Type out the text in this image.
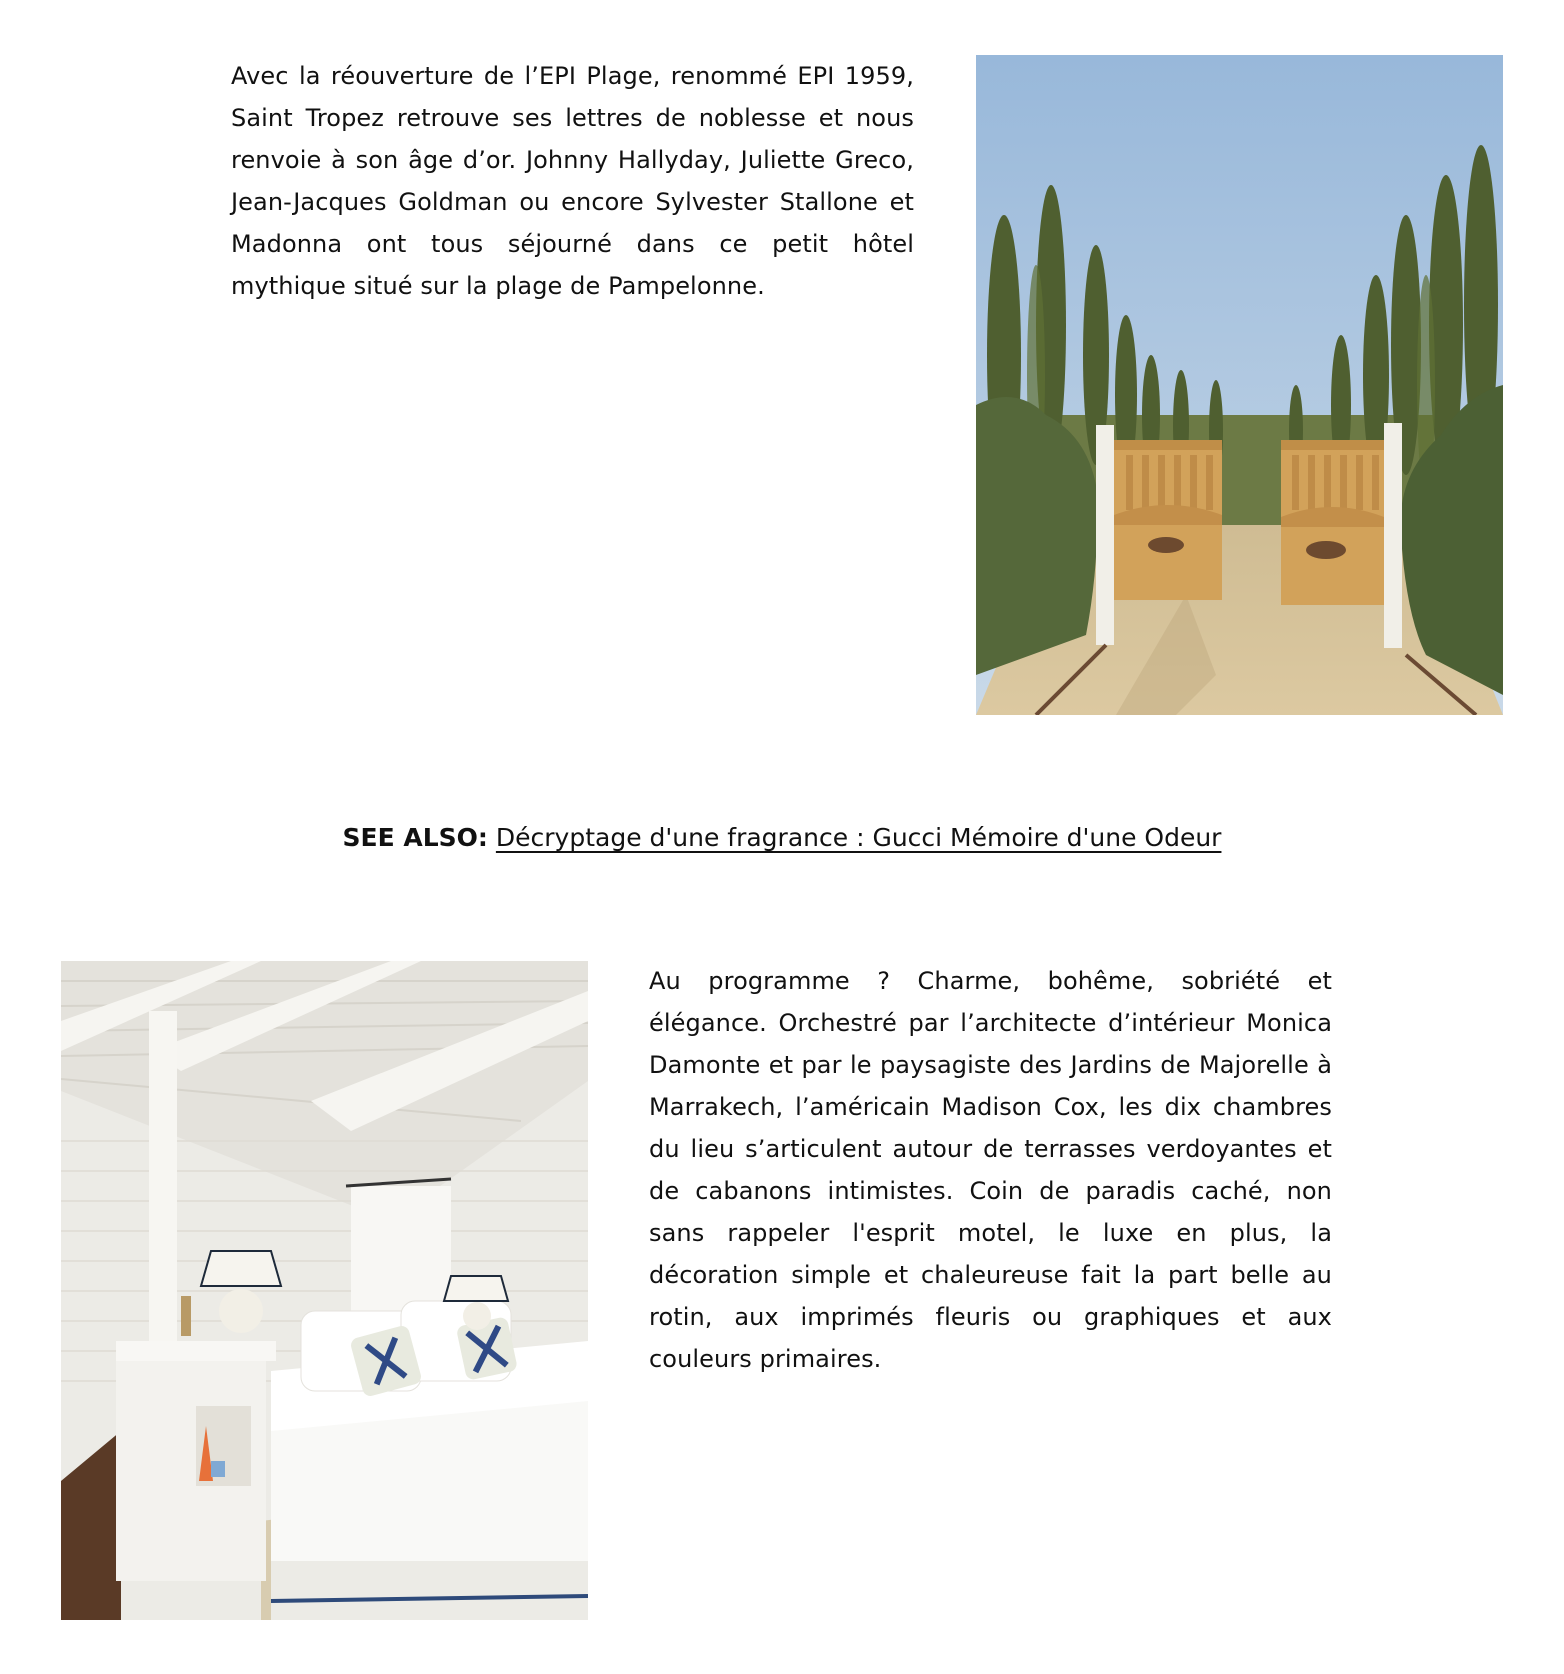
Avec la réouverture de l’EPI Plage, renommé EPI 1959, Saint Tropez retrouve ses lettres de noblesse et nous renvoie à son âge d’or. Johnny Hallyday, Juliette Greco, Jean-Jacques Goldman ou encore Sylvester Stallone et Madonna ont tous séjourné dans ce petit hôtel mythique situé sur la plage de Pampelonne.

SEE ALSO: Décryptage d'une fragrance : Gucci Mémoire d'une Odeur

Au programme ? Charme, bohême, sobriété et élégance. Orchestré par l’architecte d’intérieur Monica Damonte et par le paysagiste des Jardins de Majorelle à Marrakech, l’américain Madison Cox, les dix chambres du lieu s’articulent autour de terrasses verdoyantes et de cabanons intimistes. Coin de paradis caché, non sans rappeler l'esprit motel, le luxe en plus, la décoration simple et chaleureuse fait la part belle au rotin, aux imprimés fleuris ou graphiques et aux couleurs primaires.
